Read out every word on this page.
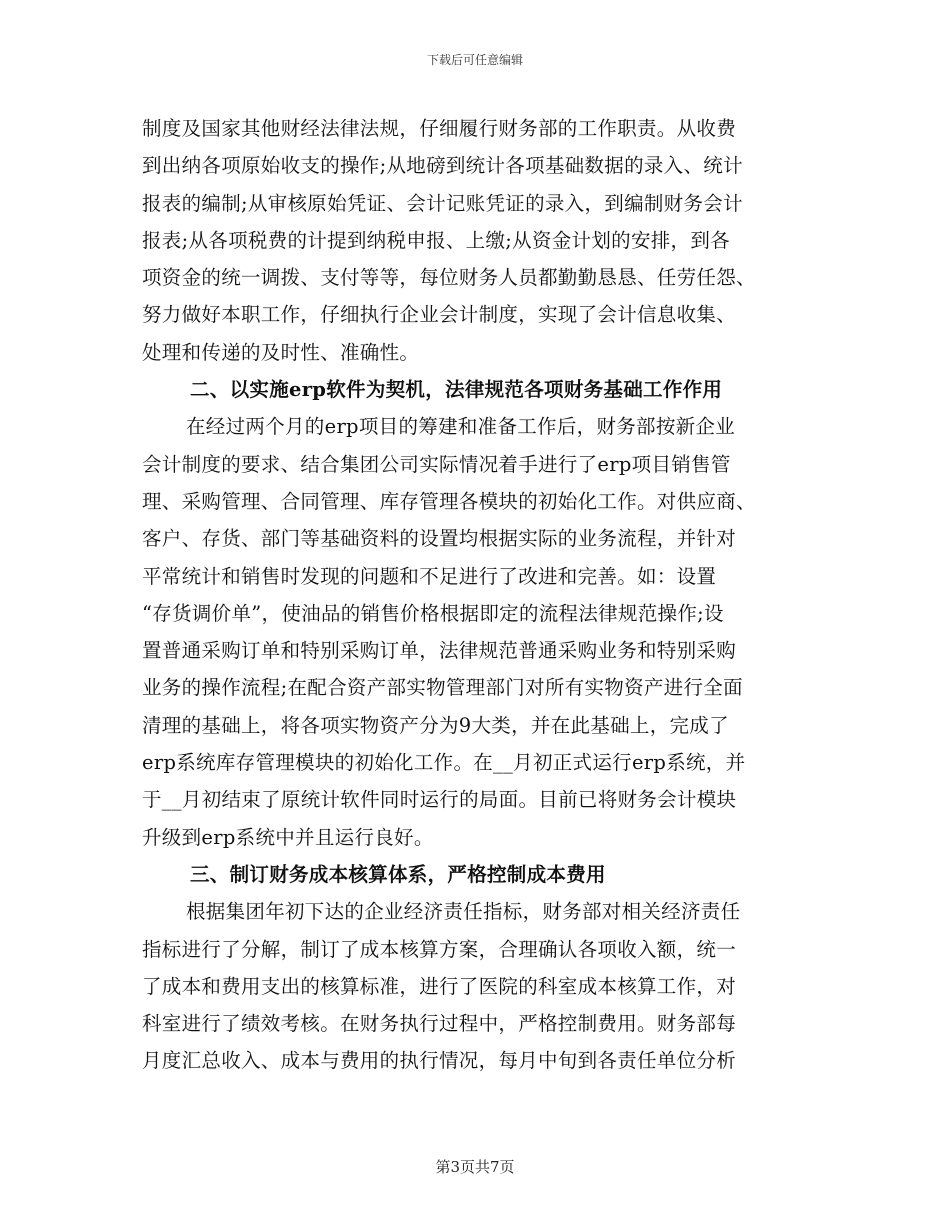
下载后可任意编辑
制度及国家其他财经法律法规，仔细履行财务部的工作职责。从收费
到出纳各项原始收支的操作;从地磅到统计各项基础数据的录入、统计
报表的编制;从审核原始凭证、会计记账凭证的录入，到编制财务会计
报表;从各项税费的计提到纳税申报、上缴;从资金计划的安排，到各
项资金的统一调拨、支付等等，每位财务人员都勤勤恳恳、任劳任怨、
努力做好本职工作，仔细执行企业会计制度，实现了会计信息收集、
处理和传递的及时性、准确性。
二、以实施erp软件为契机，法律规范各项财务基础工作作用
在经过两个月的erp项目的筹建和准备工作后，财务部按新企业
会计制度的要求、结合集团公司实际情况着手进行了erp项目销售管
理、采购管理、合同管理、库存管理各模块的初始化工作。对供应商、
客户、存货、部门等基础资料的设置均根据实际的业务流程，并针对
平常统计和销售时发现的问题和不足进行了改进和完善。如：设置
“存货调价单”，使油品的销售价格根据即定的流程法律规范操作;设
置普通采购订单和特别采购订单，法律规范普通采购业务和特别采购
业务的操作流程;在配合资产部实物管理部门对所有实物资产进行全面
清理的基础上，将各项实物资产分为9大类，并在此基础上，完成了
erp系统库存管理模块的初始化工作。在__月初正式运行erp系统，并
于__月初结束了原统计软件同时运行的局面。目前已将财务会计模块
升级到erp系统中并且运行良好。
三、制订财务成本核算体系，严格控制成本费用
根据集团年初下达的企业经济责任指标，财务部对相关经济责任
指标进行了分解，制订了成本核算方案，合理确认各项收入额，统一
了成本和费用支出的核算标准，进行了医院的科室成本核算工作，对
科室进行了绩效考核。在财务执行过程中，严格控制费用。财务部每
月度汇总收入、成本与费用的执行情况，每月中旬到各责任单位分析
第3页共7页
